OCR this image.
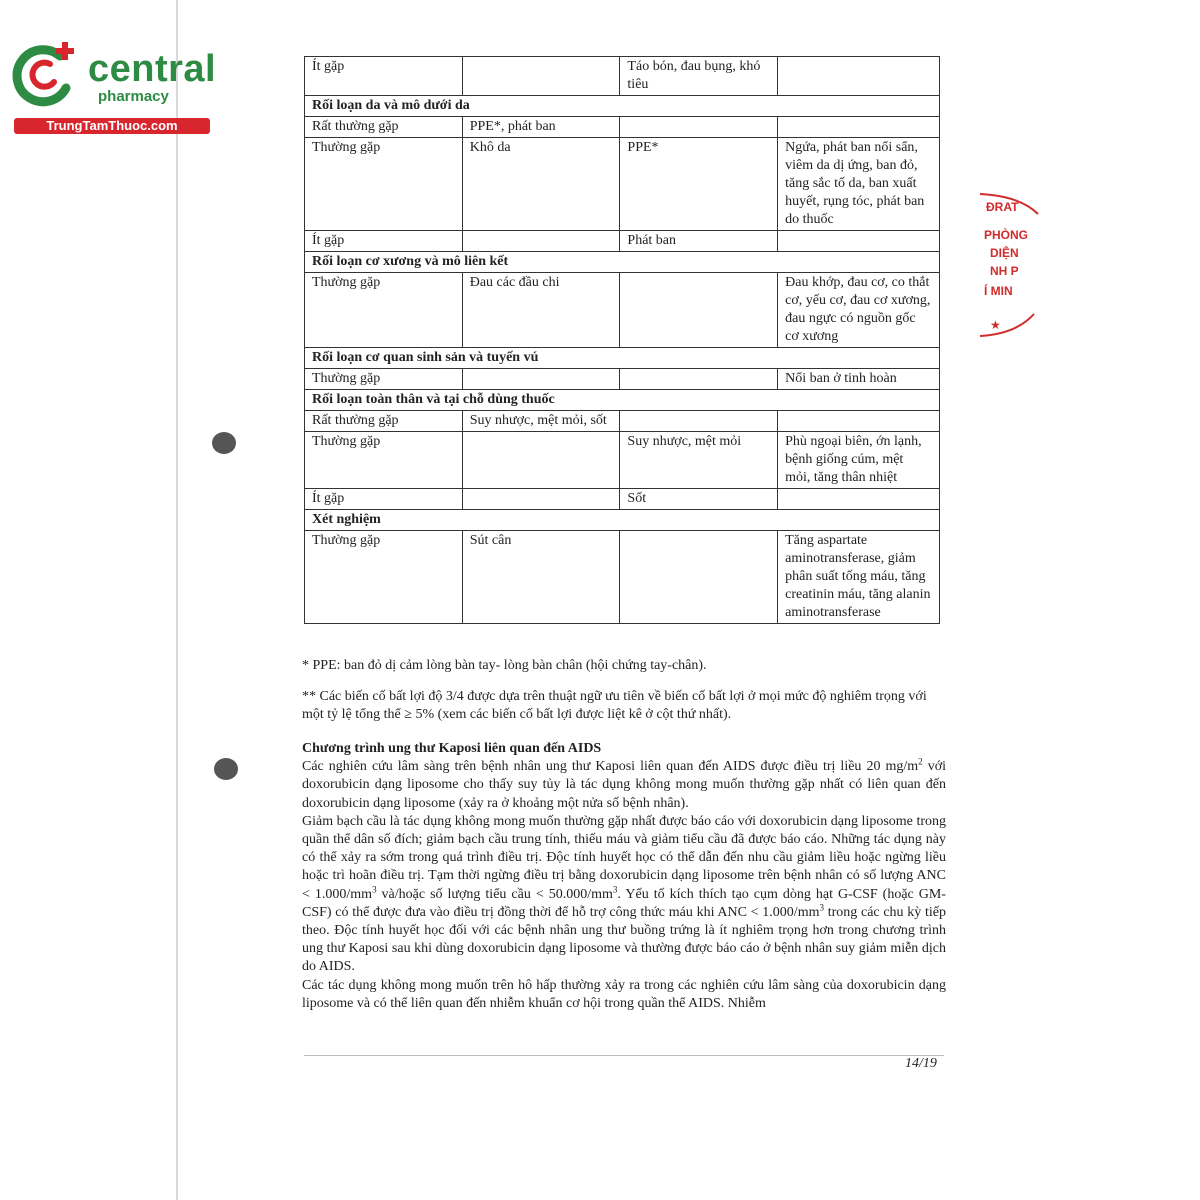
central
pharmacy
TrungTamThuoc.com
ĐRAT
PHÒNG
DIỆN
NH P
Í MIN
★
Ít gặp		Táo bón, đau bụng, khó tiêu	
Rối loạn da và mô dưới da			
Rất thường gặp	PPE*, phát ban		
Thường gặp	Khô da	PPE*	Ngứa, phát ban nổi sẩn, viêm da dị ứng, ban đỏ, tăng sắc tố da, ban xuất huyết, rụng tóc, phát ban do thuốc
Ít gặp		Phát ban	
Rối loạn cơ xương và mô liên kết			
Thường gặp	Đau các đầu chi		Đau khớp, đau cơ, co thắt cơ, yếu cơ, đau cơ xương, đau ngực có nguồn gốc cơ xương
Rối loạn cơ quan sinh sản và tuyến vú			
Thường gặp			Nổi ban ở tinh hoàn
Rối loạn toàn thân và tại chỗ dùng thuốc			
Rất thường gặp	Suy nhược, mệt mỏi, sốt		
Thường gặp		Suy nhược, mệt mỏi	Phù ngoại biên, ớn lạnh, bệnh giống cúm, mệt mỏi, tăng thân nhiệt
Ít gặp		Sốt	
Xét nghiệm			
Thường gặp	Sút cân		Tăng aspartate aminotransferase, giảm phân suất tống máu, tăng creatinin máu, tăng alanin aminotransferase
* PPE: ban đỏ dị cảm lòng bàn tay- lòng bàn chân (hội chứng tay-chân).
** Các biến cố bất lợi độ 3/4 được dựa trên thuật ngữ ưu tiên về biến cố bất lợi ở mọi mức độ nghiêm trọng với một tỷ lệ tổng thể ≥ 5% (xem các biến cố bất lợi được liệt kê ở cột thứ nhất).
Chương trình ung thư Kaposi liên quan đến AIDS

Các nghiên cứu lâm sàng trên bệnh nhân ung thư Kaposi liên quan đến AIDS được điều trị liều 20 $mg/m^2$ với doxorubicin dạng liposome cho thấy suy tủy là tác dụng không mong muốn thường gặp nhất có liên quan đến doxorubicin dạng liposome (xảy ra ở khoảng một nửa số bệnh nhân).

Giảm bạch cầu là tác dụng không mong muốn thường gặp nhất được báo cáo với doxorubicin dạng liposome trong quần thể dân số đích; giảm bạch cầu trung tính, thiếu máu và giảm tiểu cầu đã được báo cáo. Những tác dụng này có thể xảy ra sớm trong quá trình điều trị. Độc tính huyết học có thể dẫn đến nhu cầu giảm liều hoặc ngừng liều hoặc trì hoãn điều trị. Tạm thời ngừng điều trị bằng doxorubicin dạng liposome trên bệnh nhân có số lượng ANC < $1.000/mm^3$ và/hoặc số lượng tiểu cầu < $50.000/mm^3$. Yếu tố kích thích tạo cụm dòng hạt G-CSF (hoặc GM-CSF) có thể được đưa vào điều trị đồng thời để hỗ trợ công thức máu khi ANC < $1.000/mm^3$ trong các chu kỳ tiếp theo. Độc tính huyết học đối với các bệnh nhân ung thư buồng trứng là ít nghiêm trọng hơn trong chương trình ung thư Kaposi sau khi dùng doxorubicin dạng liposome và thường được báo cáo ở bệnh nhân suy giảm miễn dịch do AIDS.

Các tác dụng không mong muốn trên hô hấp thường xảy ra trong các nghiên cứu lâm sàng của doxorubicin dạng liposome và có thể liên quan đến nhiễm khuẩn cơ hội trong quần thể AIDS. Nhiễm

14/19
